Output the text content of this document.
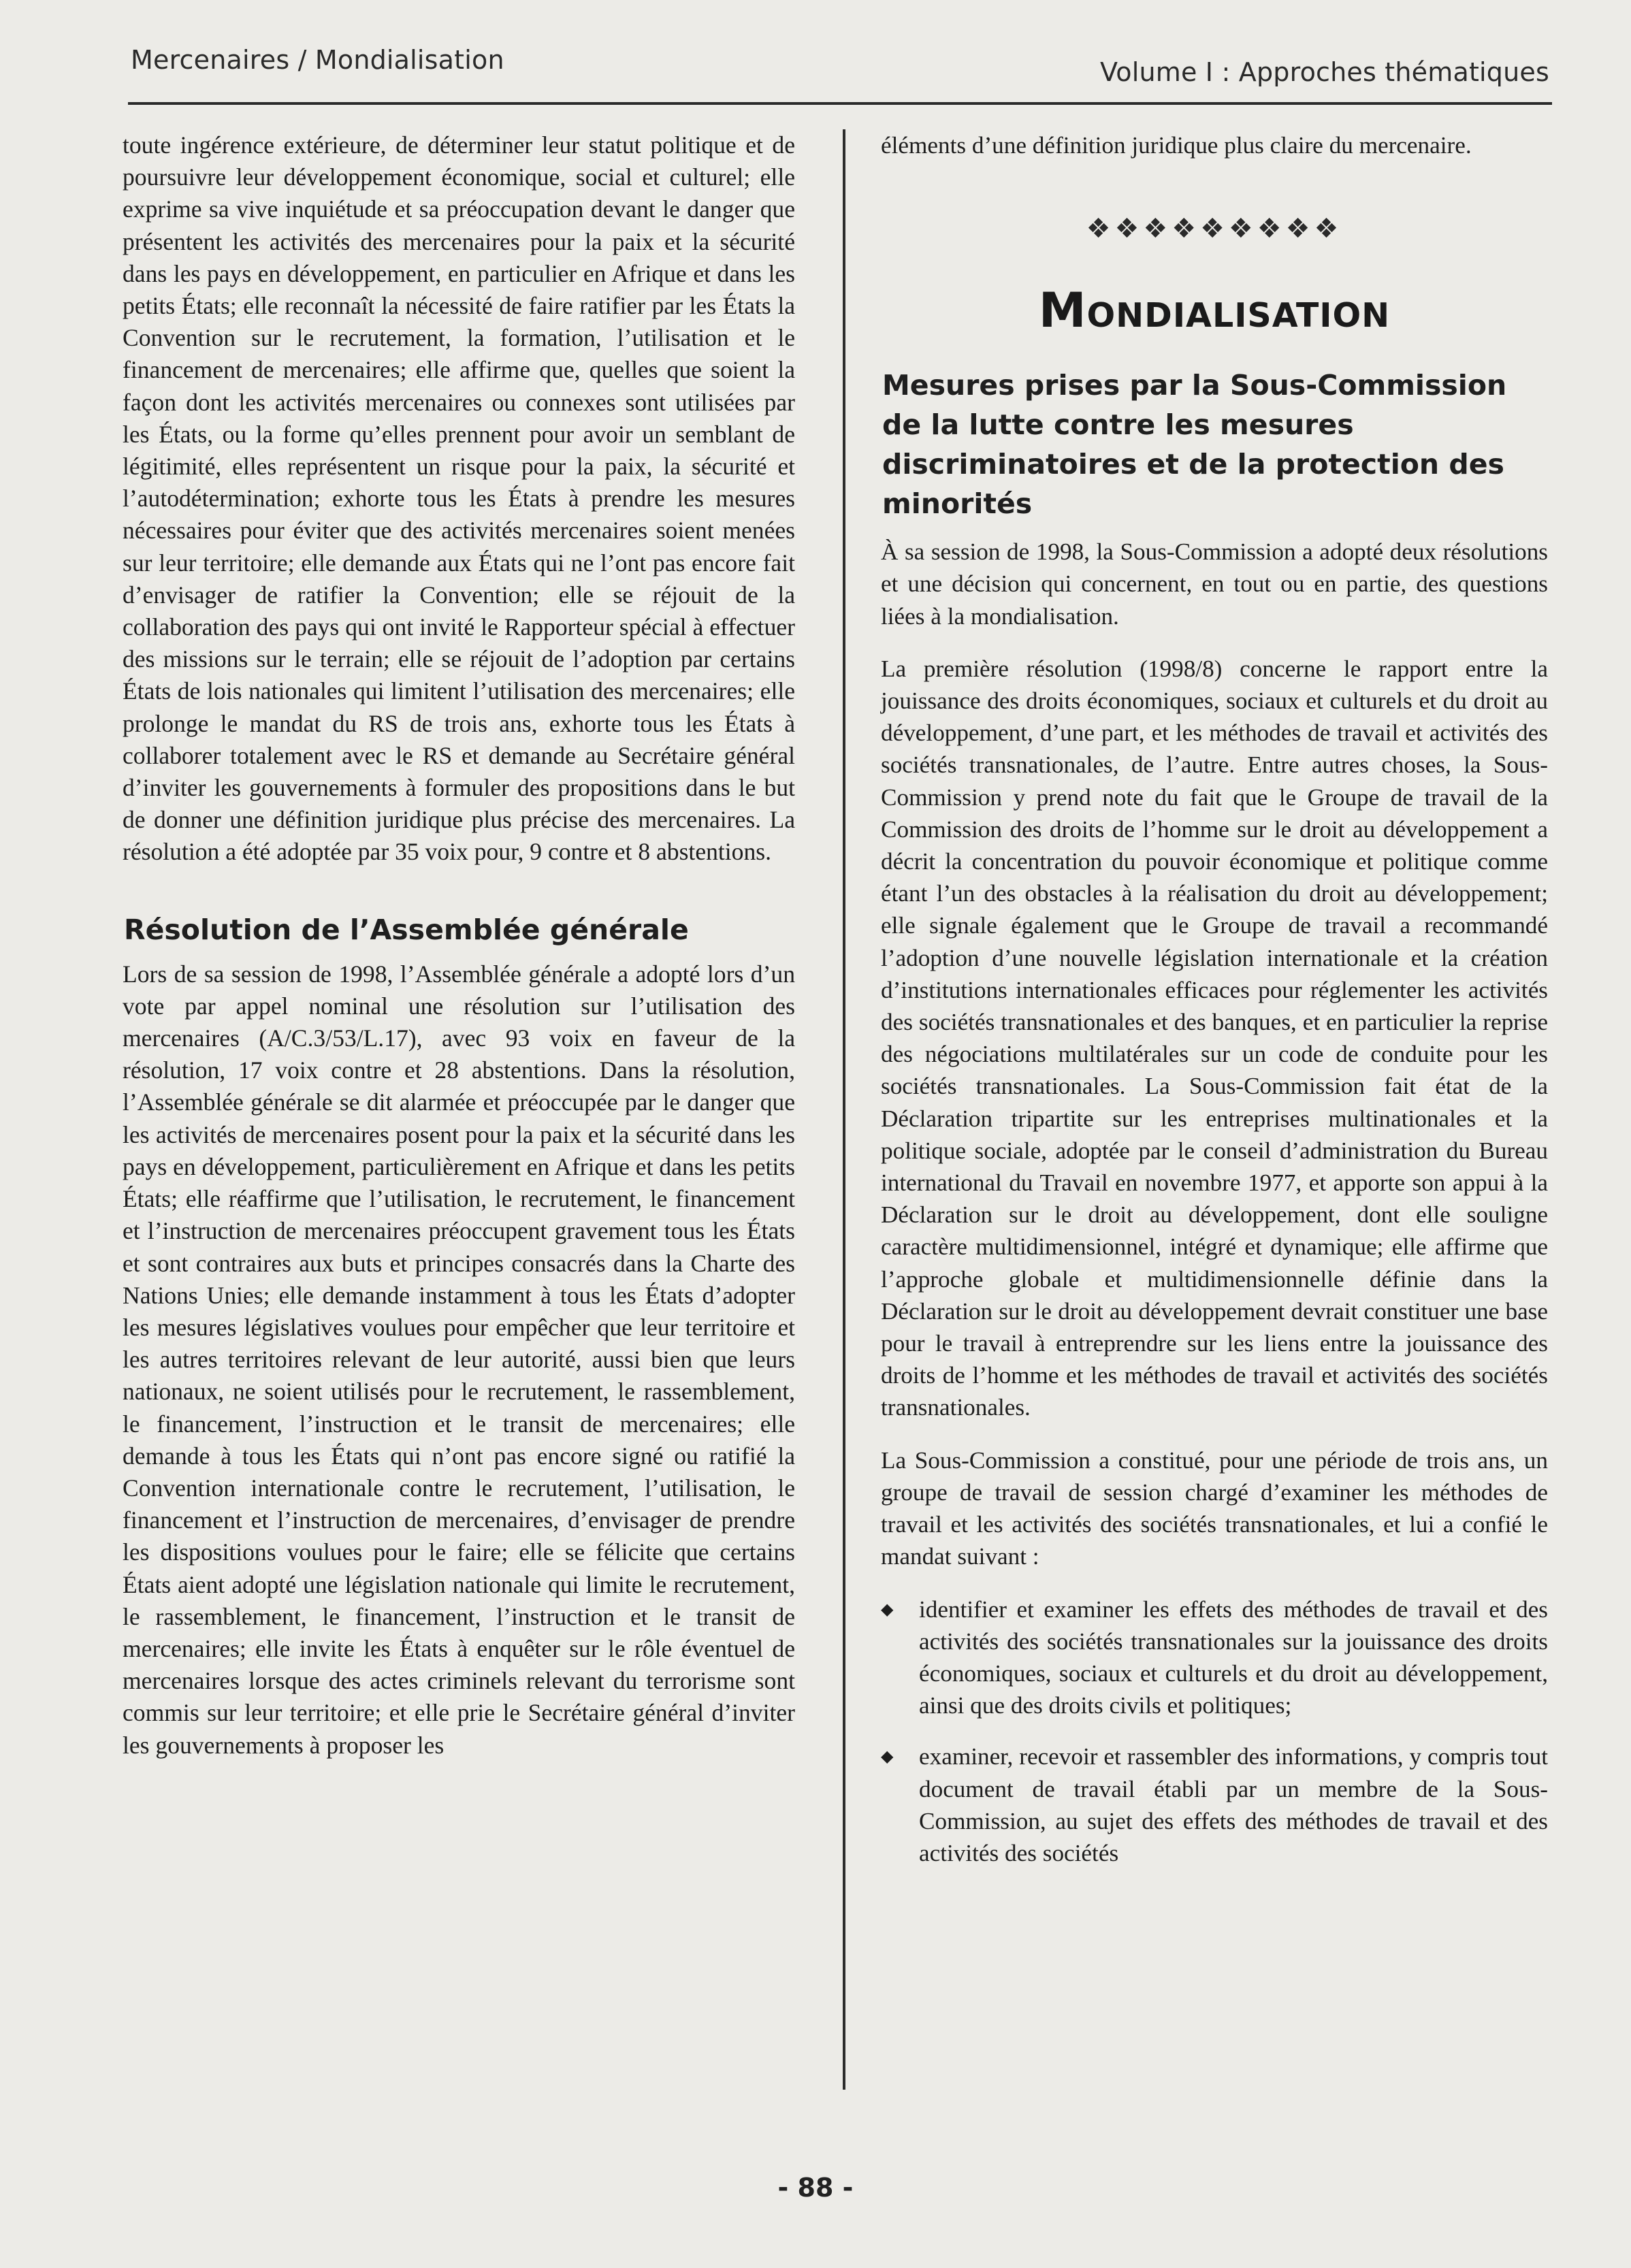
Mercenaires / Mondialisation	Volume I : Approches thématiques

toute ingérence extérieure, de déterminer leur statut politique et de poursuivre leur développement économique, social et culturel; elle exprime sa vive inquiétude et sa préoccupation devant le danger que présentent les activités des mercenaires pour la paix et la sécurité dans les pays en développement, en particulier en Afrique et dans les petits États; elle reconnaît la nécessité de faire ratifier par les États la Convention sur le recrutement, la formation, l’utilisation et le financement de mercenaires; elle affirme que, quelles que soient la façon dont les activités mercenaires ou connexes sont utilisées par les États, ou la forme qu’elles prennent pour avoir un semblant de légitimité, elles représentent un risque pour la paix, la sécurité et l’autodétermination; exhorte tous les États à prendre les mesures nécessaires pour éviter que des activités mercenaires soient menées sur leur territoire; elle demande aux États qui ne l’ont pas encore fait d’envisager de ratifier la Convention; elle se réjouit de la collaboration des pays qui ont invité le Rapporteur spécial à effectuer des missions sur le terrain; elle se réjouit de l’adoption par certains États de lois nationales qui limitent l’utilisation des mercenaires; elle prolonge le mandat du RS de trois ans, exhorte tous les États à collaborer totalement avec le RS et demande au Secrétaire général d’inviter les gouvernements à formuler des propositions dans le but de donner une définition juridique plus précise des mercenaires. La résolution a été adoptée par 35 voix pour, 9 contre et 8 abstentions.

Résolution de l’Assemblée générale

Lors de sa session de 1998, l’Assemblée générale a adopté lors d’un vote par appel nominal une résolution sur l’utilisation des mercenaires (A/C.3/53/L.17), avec 93 voix en faveur de la résolution, 17 voix contre et 28 abstentions. Dans la résolution, l’Assemblée générale se dit alarmée et préoccupée par le danger que les activités de mercenaires posent pour la paix et la sécurité dans les pays en développement, particulièrement en Afrique et dans les petits États; elle réaffirme que l’utilisation, le recrutement, le financement et l’instruction de mercenaires préoccupent gravement tous les États et sont contraires aux buts et principes consacrés dans la Charte des Nations Unies; elle demande instamment à tous les États d’adopter les mesures législatives voulues pour empêcher que leur territoire et les autres territoires relevant de leur autorité, aussi bien que leurs nationaux, ne soient utilisés pour le recrutement, le rassemblement, le financement, l’instruction et le transit de mercenaires; elle demande à tous les États qui n’ont pas encore signé ou ratifié la Convention internationale contre le recrutement, l’utilisation, le financement et l’instruction de mercenaires, d’envisager de prendre les dispositions voulues pour le faire; elle se félicite que certains États aient adopté une législation nationale qui limite le recrutement, le rassemblement, le financement, l’instruction et le transit de mercenaires; elle invite les États à enquêter sur le rôle éventuel de mercenaires lorsque des actes criminels relevant du terrorisme sont commis sur leur territoire; et elle prie le Secrétaire général d’inviter les gouvernements à proposer les

éléments d’une définition juridique plus claire du mercenaire.

❖❖❖❖❖❖❖❖❖
Mondialisation
Mesures prises par la Sous-Commission de la lutte contre les mesures discriminatoires et de la protection des minorités

À sa session de 1998, la Sous-Commission a adopté deux résolutions et une décision qui concernent, en tout ou en partie, des questions liées à la mondialisation.

La première résolution (1998/8) concerne le rapport entre la jouissance des droits économiques, sociaux et culturels et du droit au développement, d’une part, et les méthodes de travail et activités des sociétés transnationales, de l’autre. Entre autres choses, la Sous-Commission y prend note du fait que le Groupe de travail de la Commission des droits de l’homme sur le droit au développement a décrit la concentration du pouvoir économique et politique comme étant l’un des obstacles à la réalisation du droit au développement; elle signale également que le Groupe de travail a recommandé l’adoption d’une nouvelle législation internationale et la création d’institutions internationales efficaces pour réglementer les activités des sociétés transnationales et des banques, et en particulier la reprise des négociations multilatérales sur un code de conduite pour les sociétés transnationales. La Sous-Commission fait état de la Déclaration tripartite sur les entreprises multinationales et la politique sociale, adoptée par le conseil d’administration du Bureau international du Travail en novembre 1977, et apporte son appui à la Déclaration sur le droit au développement, dont elle souligne caractère multidimensionnel, intégré et dynamique; elle affirme que l’approche globale et multidimensionnelle définie dans la Déclaration sur le droit au développement devrait constituer une base pour le travail à entreprendre sur les liens entre la jouissance des droits de l’homme et les méthodes de travail et activités des sociétés transnationales.

La Sous-Commission a constitué, pour une période de trois ans, un groupe de travail de session chargé d’examiner les méthodes de travail et les activités des sociétés transnationales, et lui a confié le mandat suivant :

◆ identifier et examiner les effets des méthodes de travail et des activités des sociétés transnationales sur la jouissance des droits économiques, sociaux et culturels et du droit au développement, ainsi que des droits civils et politiques;

◆ examiner, recevoir et rassembler des informations, y compris tout document de travail établi par un membre de la Sous-Commission, au sujet des effets des méthodes de travail et des activités des sociétés

- 88 -
